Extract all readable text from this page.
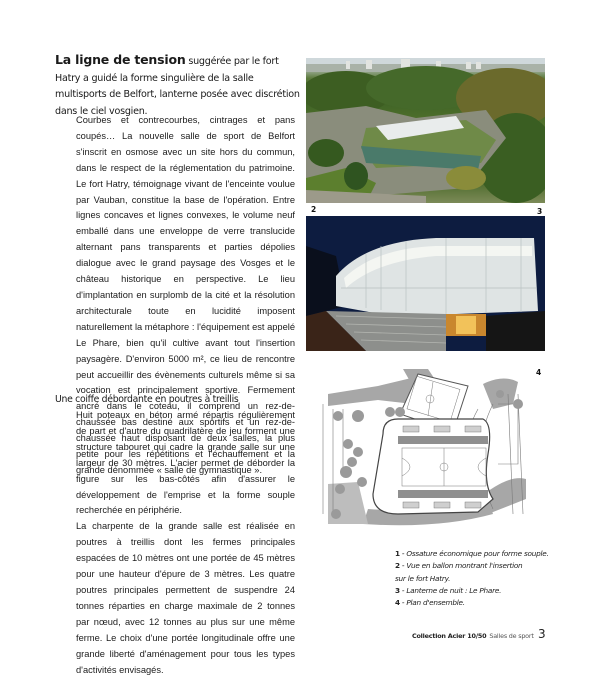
La ligne de tension suggérée par le fort Hatry a guidé la forme singulière de la salle multisports de Belfort, lanterne posée avec discrétion dans le ciel vosgien.

Courbes et contrecourbes, cintrages et pans coupés… La nouvelle salle de sport de Belfort s'inscrit en osmose avec un site hors du commun, dans le respect de la réglementation du patrimoine. Le fort Hatry, témoignage vivant de l'enceinte voulue par Vauban, constitue la base de l'opération. Entre lignes concaves et lignes convexes, le volume neuf emballé dans une enveloppe de verre translucide alternant pans transparents et parties dépolies dialogue avec le grand paysage des Vosges et le château historique en perspective. Le lieu d'implantation en surplomb de la cité et la résolution architecturale toute en lucidité imposent naturellement la métaphore : l'équipement est appelé Le Phare, bien qu'il cultive avant tout l'insertion paysagère. D'environ 5000 m², ce lieu de rencontre peut accueillir des évènements culturels même si sa vocation est principalement sportive. Fermement ancré dans le coteau, il comprend un rez-de-chaussée bas destiné aux sportifs et un rez-de-chaussée haut disposant de deux salles, la plus petite pour les répétitions et l'échauffement et la grande dénommée « salle de gymnastique ».

Une coiffe débordante en poutres à treillis

Huit poteaux en béton armé répartis régulièrement de part et d'autre du quadrilatère de jeu forment une structure tabouret qui cadre la grande salle sur une largeur de 30 mètres. L'acier permet de déborder la figure sur les bas-côtés afin d'assurer le développement de l'emprise et la forme souple recherchée en périphérie.

La charpente de la grande salle est réalisée en poutres à treillis dont les fermes principales espacées de 10 mètres ont une portée de 45 mètres pour une hauteur d'épure de 3 mètres. Les quatre poutres principales permettent de suspendre 24 tonnes réparties en charge maximale de 2 tonnes par nœud, avec 12 tonnes au plus sur une même ferme. Le choix d'une portée longitudinale offre une grande liberté d'aménagement pour tous les types d'activités envisagés.

2	3
4
1 - Ossature économique pour forme souple.
2 - Vue en ballon montrant l'insertion
sur le fort Hatry.
3 - Lanterne de nuit : Le Phare.
4 - Plan d'ensemble.
Collection Acier 10/50 Salles de sport 3
